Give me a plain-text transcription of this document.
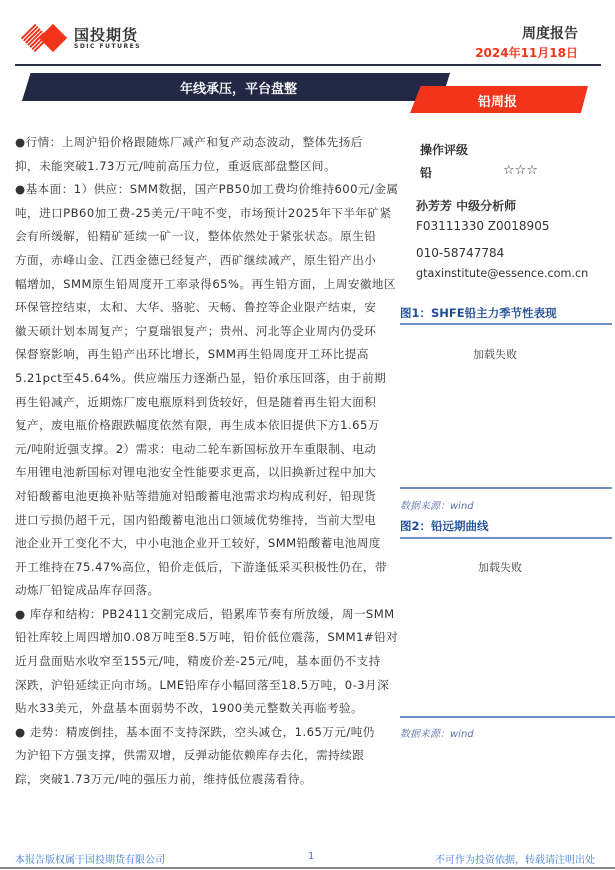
国投期货
SDIC FUTURES
周度报告
2024年11月18日
年线承压，平台盘整
铅周报
●行情：上周沪铅价格跟随炼厂减产和复产动态波动，整体先扬后
抑，未能突破1.73万元/吨前高压力位，重返底部盘整区间。
●基本面：1）供应：SMM数据，国产PB50加工费均价维持600元/金属
吨，进口PB60加工费-25美元/干吨不变，市场预计2025年下半年矿紧
会有所缓解，铅精矿延续一矿一议，整体依然处于紧张状态。原生铅
方面，赤峰山金、江西金德已经复产，西矿继续减产，原生铅产出小
幅增加，SMM原生铅周度开工率录得65%。再生铅方面，上周安徽地区
环保管控结束，太和、大华、骆驼、天畅、鲁控等企业限产结束，安
徽天硕计划本周复产；宁夏瑞银复产；贵州、河北等企业周内仍受环
保督察影响，再生铅产出环比增长，SMM再生铅周度开工环比提高
5.21pct至45.64%。供应端压力逐渐凸显，铅价承压回落，由于前期
再生铅减产，近期炼厂废电瓶原料到货较好，但是随着再生铅大面积
复产，废电瓶价格跟跌幅度依然有限，再生成本依旧提供下方1.65万
元/吨附近强支撑。2）需求：电动二轮车新国标放开车重限制、电动
车用锂电池新国标对锂电池安全性能要求更高，以旧换新过程中加大
对铅酸蓄电池更换补贴等措施对铅酸蓄电池需求均构成利好，铅现货
进口亏损仍超千元，国内铅酸蓄电池出口领域优势维持，当前大型电
池企业开工变化不大，中小电池企业开工较好，SMM铅酸蓄电池周度
开工维持在75.47%高位，铅价走低后，下游逢低采买积极性仍在，带
动炼厂铅锭成品库存回落。
● 库存和结构：PB2411交割完成后，铅累库节奏有所放缓，周一SMM
铅社库较上周四增加0.08万吨至8.5万吨，铅价低位震荡，SMM1#铅对
近月盘面贴水收窄至155元/吨，精废价差-25元/吨，基本面仍不支持
深跌，沪铅延续正向市场。LME铅库存小幅回落至18.5万吨，0-3月深
贴水33美元，外盘基本面弱势不改，1900美元整数关再临考验。
● 走势：精废倒挂，基本面不支持深跌，空头减仓，1.65万元/吨仍
为沪铅下方强支撑，供需双增，反弹动能依赖库存去化，需持续跟
踪，突破1.73万元/吨的强压力前，维持低位震荡看待。
操作评级
铅	☆☆☆
孙芳芳 中级分析师
F03111330 Z0018905
010-58747784
gtaxinstitute@essence.com.cn
图1：SHFE铅主力季节性表现
加载失败
数据来源：wind
图2：铅远期曲线
加载失败
数据来源：wind
本报告版权属于国投期货有限公司	1	不可作为投资依据，转载请注明出处
